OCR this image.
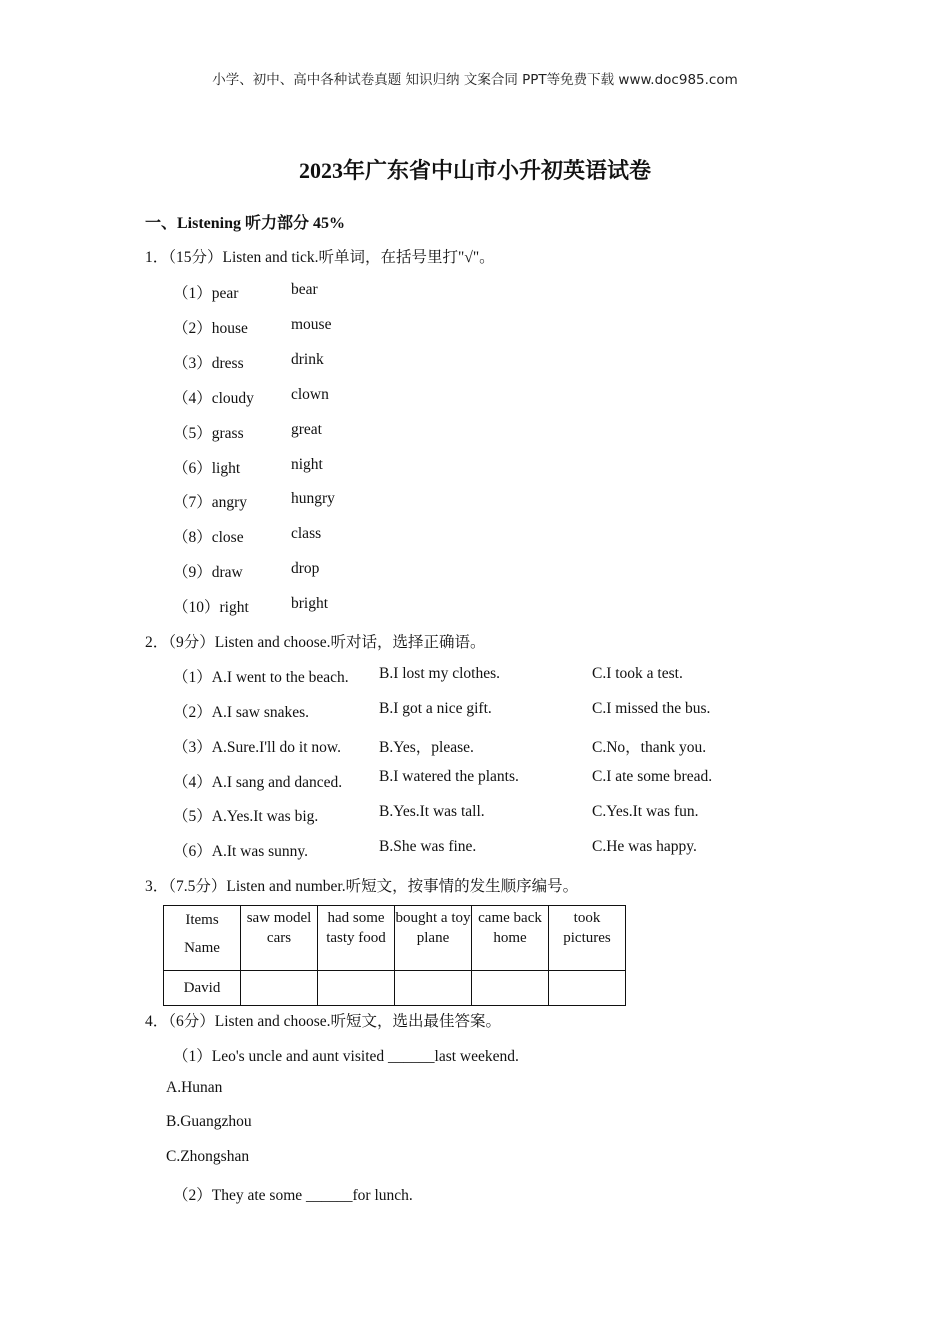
小学、初中、高中各种试卷真题 知识归纳 文案合同 PPT等免费下载 www.doc985.com
2023年广东省中山市小升初英语试卷
一、Listening 听力部分 45%
1．（15分）Listen and tick.听单词，在括号里打"√"。
（1）pear	bear
（2）house	mouse
（3）dress	drink
（4）cloudy clown
（5）grass	great
（6）light	night
（7）angry	hungry
（8）close	class
（9）draw	drop
（10）right	bright
2．（9分）Listen and choose.听对话，选择正确语。
（1）A.I went to the beach. B.I lost my clothes.	C.I took a test.
（2）A.I saw snakes.	B.I got a nice gift.	C.I missed the bus.
（3）A.Sure.I'll do it now. B.Yes，please.	C.No，thank you.
（4）A.I sang and danced. B.I watered the plants.	C.I ate some bread.
（5）A.Yes.It was big.	B.Yes.It was tall.	C.Yes.It was fun.
（6）A.It was sunny.	B.She was fine.	C.He was happy.
3．（7.5分）Listen and number.听短文，按事情的发生顺序编号。
Items
Name	saw model cars	had some tasty food	bought a toy plane	came back home	took pictures
David					
4．（6分）Listen and choose.听短文，选出最佳答案。
（1）Leo's uncle and aunt visited ______last weekend.
A.Hunan
B.Guangzhou
C.Zhongshan
（2）They ate some ______for lunch.
